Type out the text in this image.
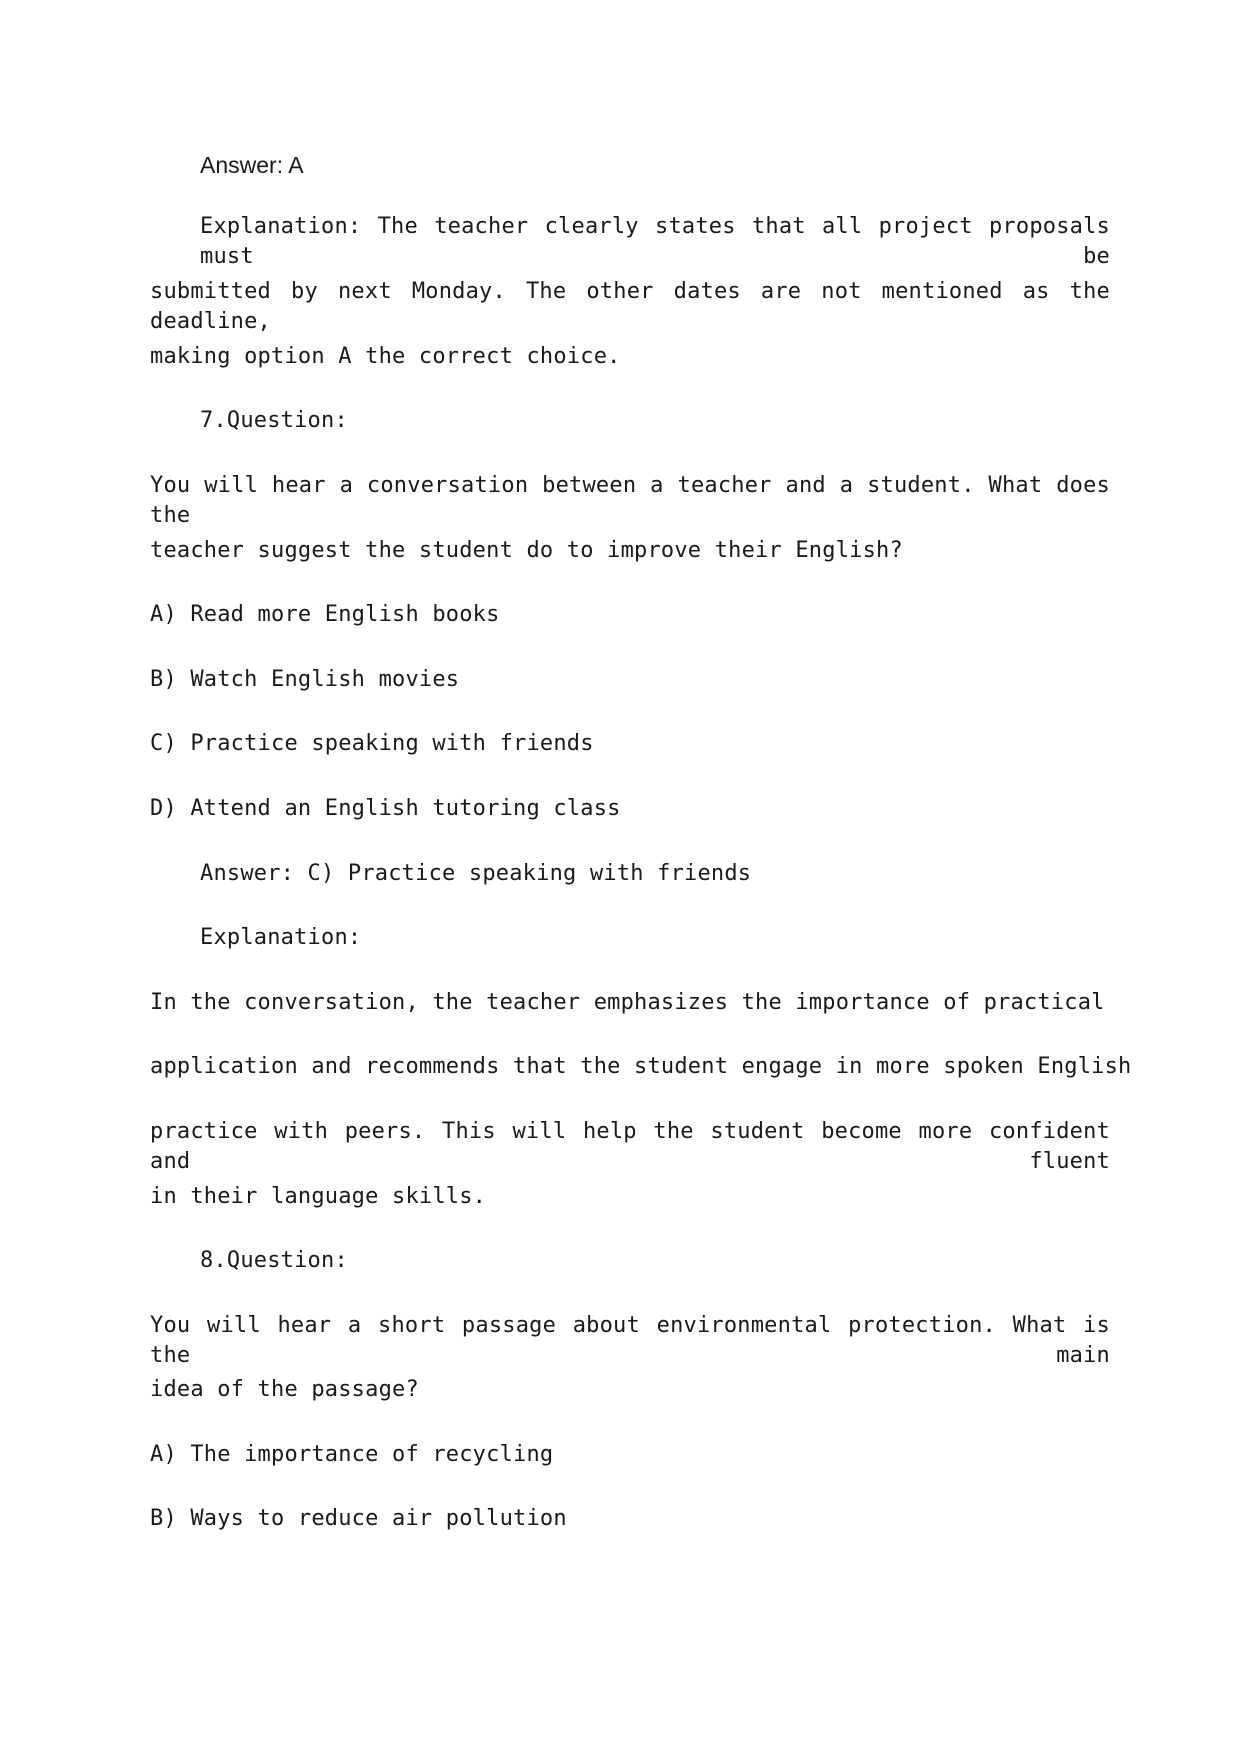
Answer: A
Explanation: The teacher clearly states that all project proposals must be
submitted by next Monday. The other dates are not mentioned as the deadline,
making option A the correct choice.
7.Question:
You will hear a conversation between a teacher and a student. What does the
teacher suggest the student do to improve their English?
A) Read more English books
B) Watch English movies
C) Practice speaking with friends
D) Attend an English tutoring class
Answer: C) Practice speaking with friends
Explanation:
In the conversation, the teacher emphasizes the importance of practical
application and recommends that the student engage in more spoken English
practice with peers. This will help the student become more confident and fluent
in their language skills.
8.Question:
You will hear a short passage about environmental protection. What is the main
idea of the passage?
A) The importance of recycling
B) Ways to reduce air pollution
